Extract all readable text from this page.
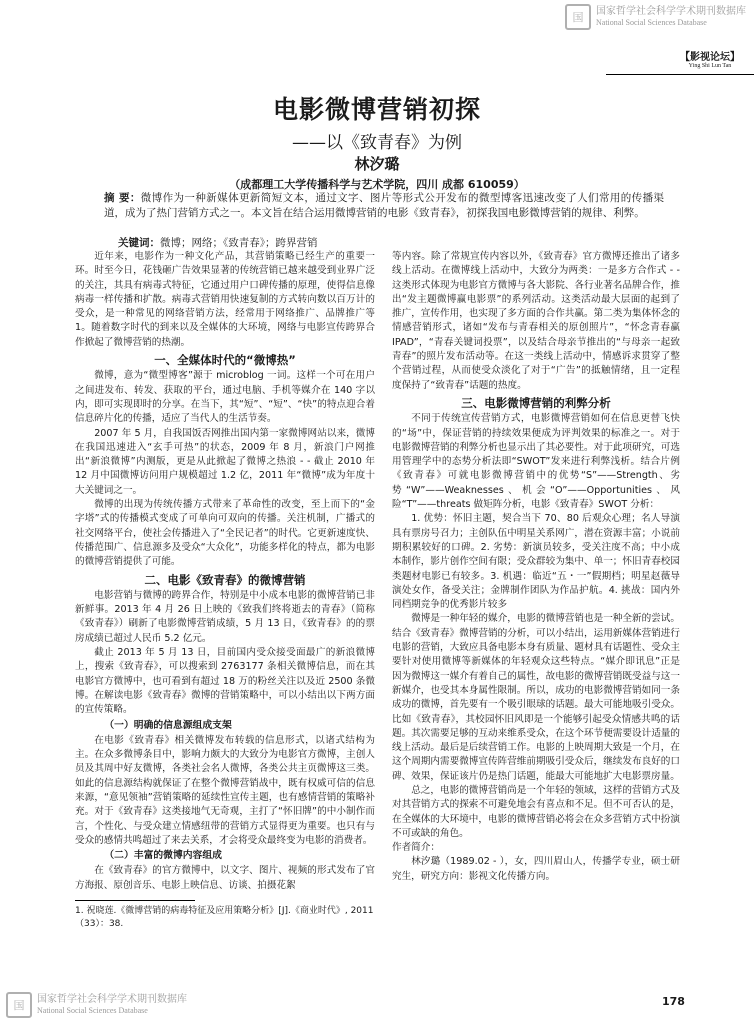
国	国家哲学社会科学学术期刊数据库
National Social Sciences Database
【影视论坛】
Ying Shi Lun Tan
电影微博营销初探
——以《致青春》为例
林汐璐
（成都理工大学传播科学与艺术学院，四川 成都 610059）
摘 要：微博作为一种新媒体更新简短文本，通过文字、图片等形式公开发布的微型博客迅速改变了人们常用的传播渠道，成为了热门营销方式之一。本文旨在结合运用微博营销的电影《致青春》，初探我国电影微博营销的规律、利弊。
关键词：微博；网络；《致青春》；跨界营销

近年来，电影作为一种文化产品，其营销策略已经生产的重要一环。时至今日，花钱砸广告效果显著的传统营销已越来越受到业界广泛的关注，其具有病毒式特征，它通过用户口碑传播的原理，使得信息像病毒一样传播和扩散。病毒式营销用快速复制的方式转向数以百万计的受众，是一种常见的网络营销方法，经常用于网络推广、品牌推广等 1。随着数字时代的到来以及全媒体的大环境，网络与电影宣传跨界合作掀起了微博营销的热潮。

一、全媒体时代的“微博热”

微博，意为“微型博客”源于 microblog 一词。这样一个可在用户之间进发布、转发、获取的平台，通过电脑、手机等媒介在 140 字以内，即可实现即时的分享。在当下，其“短”、“短”、“快”的特点迎合着信息碎片化的传播，适应了当代人的生活节奏。

2007 年 5 月，自我国饭否网推出国内第一家微博网站以来，微博在我国迅速进入“玄手可热”的状态，2009 年 8 月，新浪门户网推出“新浪微博”内测版，更是从此掀起了微博之热浪 - - 截止 2010 年 12 月中国微博访问用户规模超过 1.2 亿，2011 年“微博”成为年度十大关键词之一。

微博的出现为传统传播方式带来了革命性的改变，至上而下的“金字塔”式的传播模式变成了可单向可双向的传播。关注机制，广播式的社交网络平台，使社会传播进入了“全民记者”的时代。它更新速度快、传播范围广、信息源多及受众“大众化”，功能多样化的特点，都为电影的微博营销提供了可能。

二、电影《致青春》的微博营销

电影营销与微博的跨界合作，特别是中小成本电影的微博营销已非新鲜事。2013 年 4 月 26 日上映的《致我们终将逝去的青春》（简称《致青春》）刷新了电影微博营销成绩，5 月 13 日，《致青春》的的票房成绩已超过人民币 5.2 亿元。

截止 2013 年 5 月 13 日，目前国内受众接受面最广的新浪微博上，搜索《致青春》，可以搜索到 2763177 条相关微博信息，而在其电影官方微博中，也可看到有超过 18 万的粉丝关注以及近 2500 条微博。在解读电影《致青春》微博的营销策略中，可以小结出以下两方面的宣传策略。

（一）明确的信息源组成支架

在电影《致青春》相关微博发布转载的信息形式，以诸式结构为主。在众多微博条目中，影响力颇大的大致分为电影官方微博，主创人员及其周中好友微博，各类社会名人微博，各类公共主页微博这三类。如此的信息源结构就保证了在整个微博营销战中，既有权威可信的信息来源，“意见领袖”营销策略的延续性宣传主题，也有感情营销的策略补充。对于《致青春》这类接地气无奇观，主打了“怀旧牌”的中小制作而言，个性化、与受众建立情感纽带的营销方式显得更为重要。也只有与受众的感情共鸣超过了来去关系，才会将受众最终变为电影的消费者。

（二）丰富的微博内容组成

在《致青春》的官方微博中，以文字、图片、视频的形式发布了官方海报、原创音乐、电影上映信息、访谈、拍摄花絮

等内容。除了常规宣传内容以外，《致青春》官方微博还推出了诸多线上活动。在微博线上活动中，大致分为两类：一是多方合作式 - - 这类形式体现为电影官方微博与各大影院、各行业著名品牌合作，推出“发主题微博赢电影票”的系列活动。这类活动最大层面的起到了推广，宣传作用，也实现了多方面的合作共赢。第二类为集体怀念的情感营销形式，诸如“发布与青春相关的原创照片”，“怀念青春赢 IPAD”，“青春关键词投票”，以及结合母亲节推出的“与母亲一起致青春”的照片发布活动等。在这一类线上活动中，情感诉求贯穿了整个营销过程，从而使受众淡化了对于“广告”的抵触情绪，且一定程度保持了“致青春”话题的热度。

三、电影微博营销的利弊分析

不同于传统宣传营销方式，电影微博营销如何在信息更替飞快的“场”中，保证营销的持续效果便成为评判效果的标准之一。对于电影微博营销的利弊分析也显示出了其必要性。对于此项研究，可选用管理学中的态势分析法即“SWOT”发来进行利弊浅析。结合片例《致青春》可就电影微博营销中的优势“S”——Strength、劣势“W”——Weaknesses、机会“O”——Opportunities、风险“T”——threats 做矩阵分析，电影《致青春》SWOT 分析：

1. 优势：怀旧主题，契合当下 70、80 后观众心理；名人导演具有票房号召力；主创队伍中明星关系网广，潜在资源丰富；小说前期积累较好的口碑。2. 劣势：新演员较多，受关注度不高；中小成本制作，影片创作空间有限；受众群较为集中、单一；怀旧青春校园类题材电影已有较多。3. 机遇：临近“五・一”假期档；明星赵薇导演处女作，备受关注；金牌制作团队为作品护航。4. 挑战：国内外同档期竞争的优秀影片较多

微博是一种年轻的媒介，电影的微博营销也是一种全新的尝试。结合《致青春》微博营销的分析，可以小结出，运用新媒体营销进行电影的营销，大致应具备电影本身有质量、题材具有话题性、受众主要针对使用微博等新媒体的年轻观众这些特点。“媒介即讯息”正是因为微博这一媒介有着自己的属性，故电影的微博营销既受益与这一新媒介，也受其本身属性限制。所以，成功的电影微博营销如同一条成功的微博，首先要有一个吸引眼球的话题。最大可能地吸引受众。比如《致青春》，其校园怀旧风即是一个能够引起受众情感共鸣的话题。其次需要足够的互动来维系受众，在这个环节便需要设计适量的线上活动。最后是后续营销工作。电影的上映周期大致是一个月，在这个周期内需要微博宣传阵营维前期吸引受众后，继续发布良好的口碑、效果，保证该片仍是热门话题，能最大可能地扩大电影票房量。

总之，电影的微博营销尚是一个年轻的领域，这样的营销方式及对其营销方式的探索不可避免地会有喜点和不足。但不可否认的是，在全媒体的大环境中，电影的微博营销必将会在众多营销方式中扮演不可或缺的角色。

作者简介：

林汐璐（1989.02 - ），女，四川眉山人，传播学专业，硕士研究生，研究方向：影视文化传播方向。

1. 祝晓莲.《微博营销的病毒特征及应用策略分析》[J].《商业时代》, 2011（33）：38.
178
国	国家哲学社会科学学术期刊数据库
National Social Sciences Database
